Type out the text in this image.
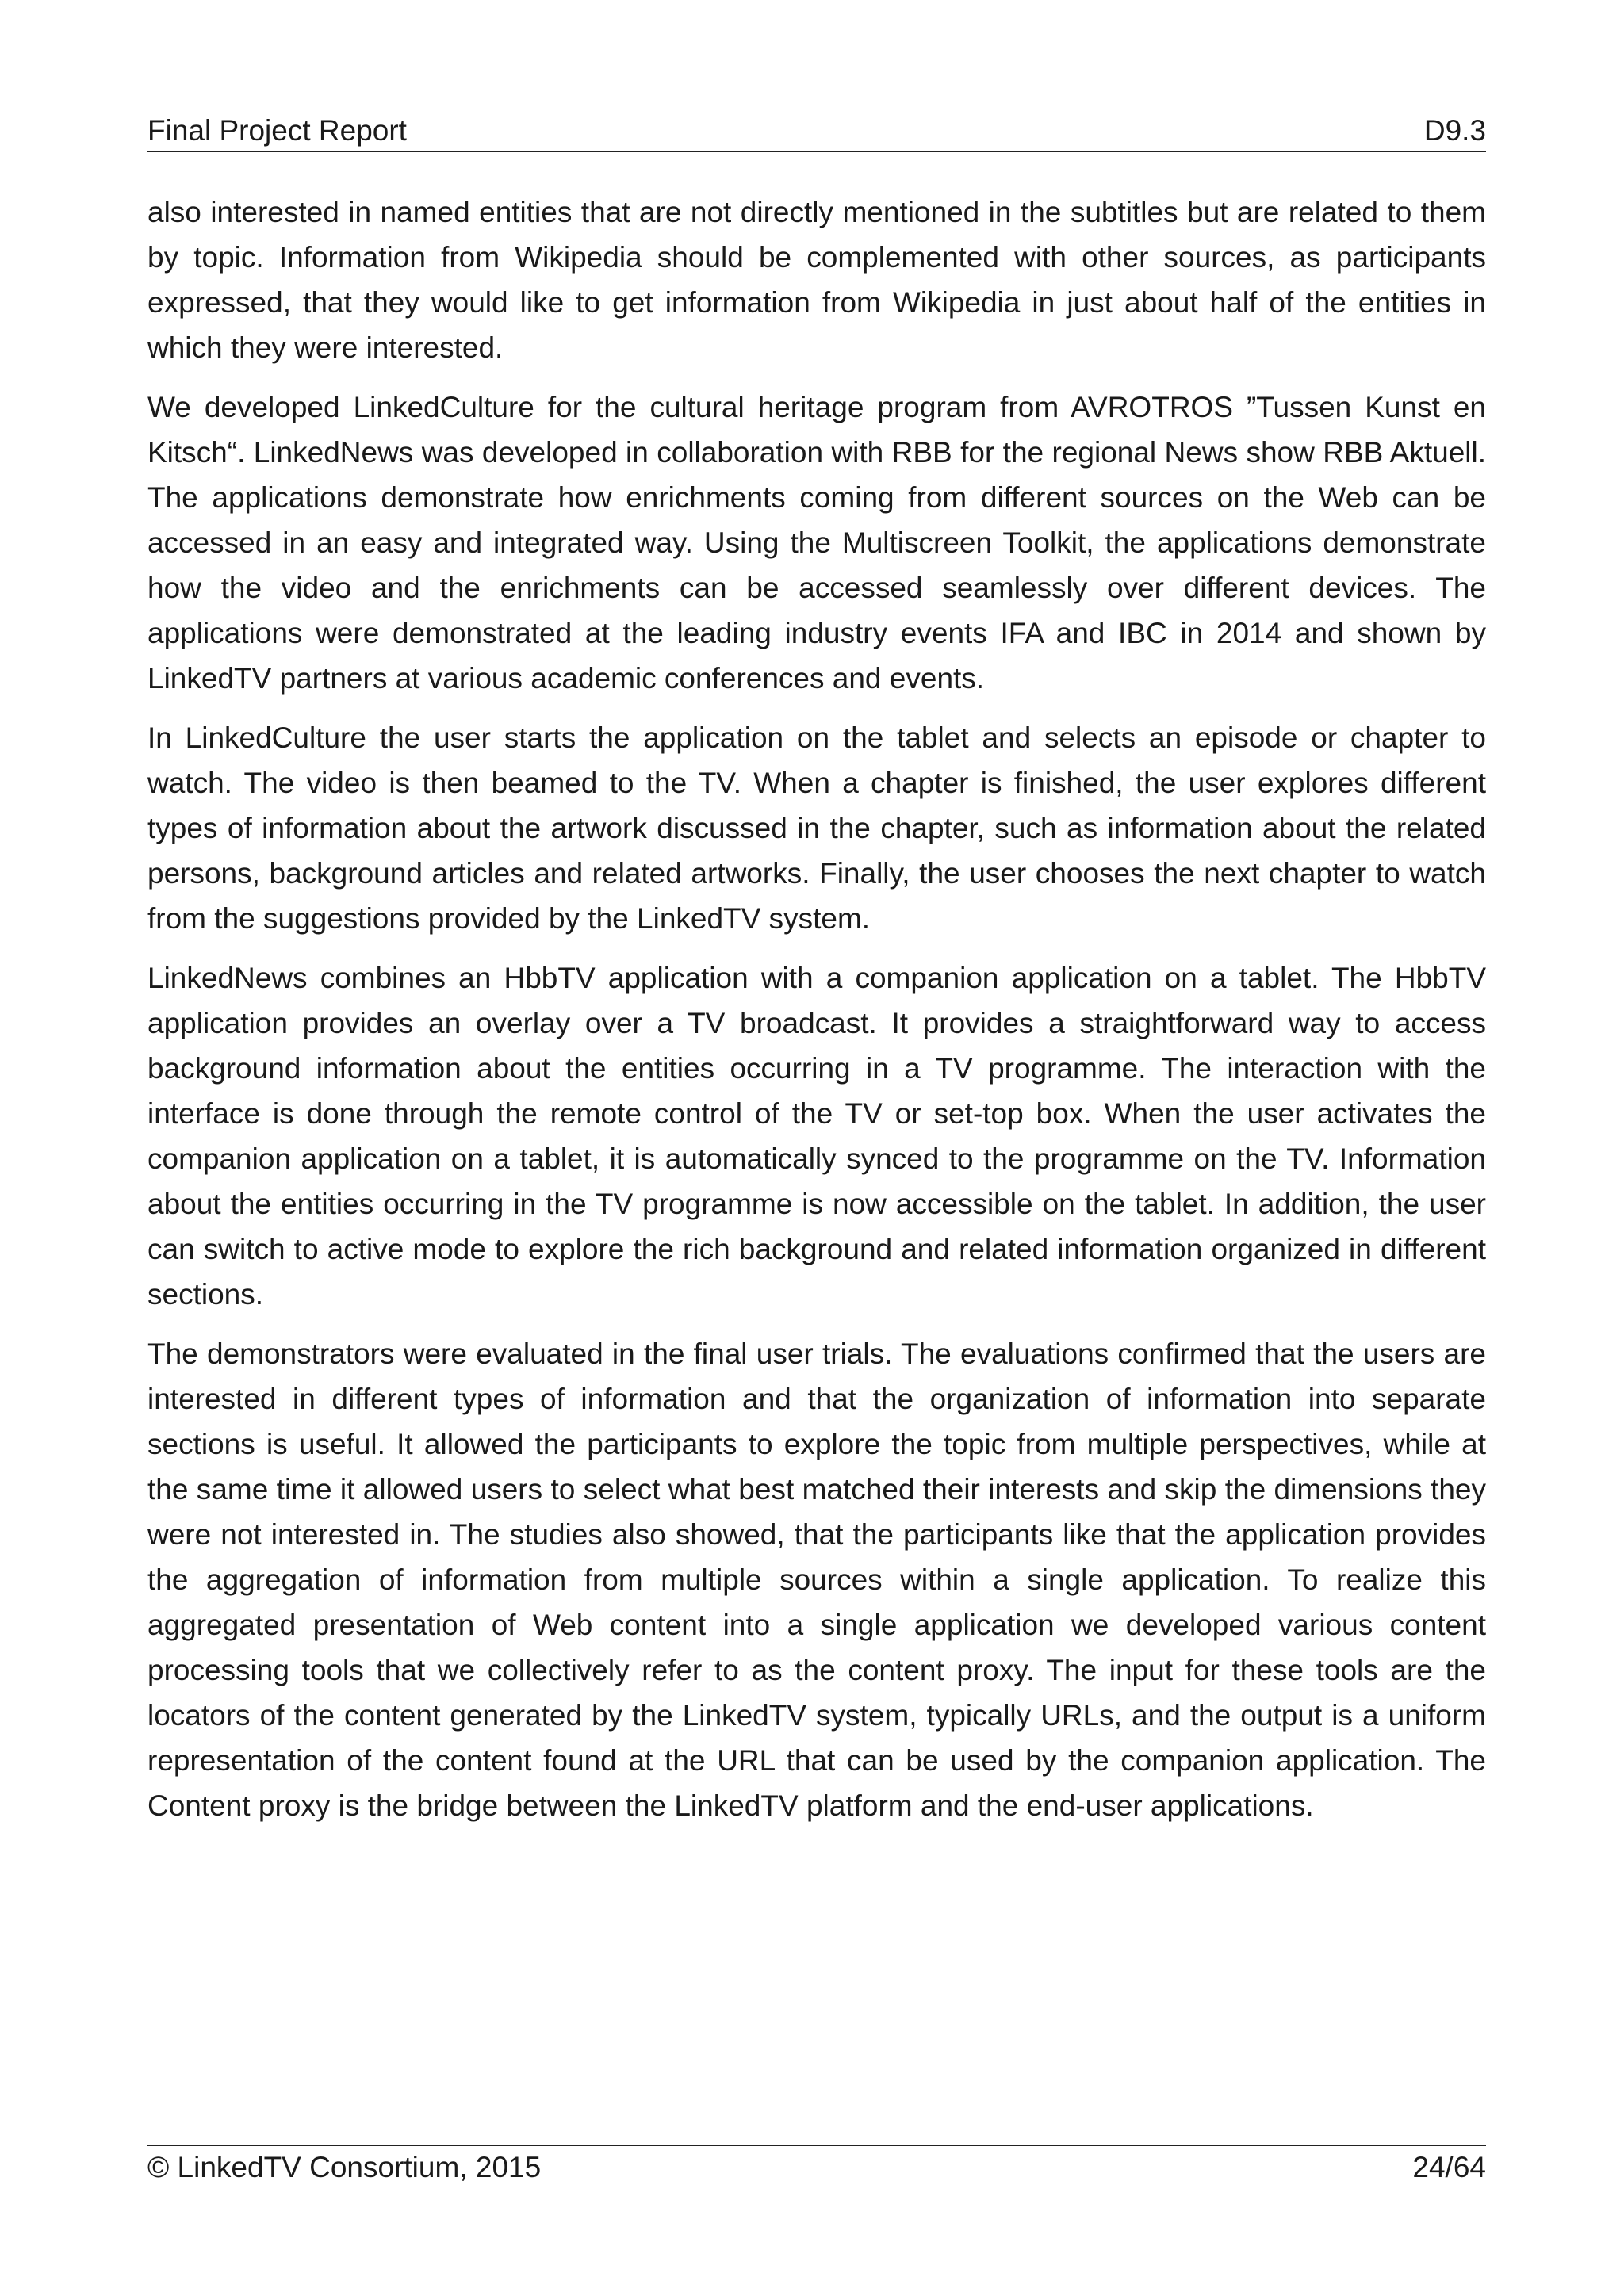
Final Project Report	D9.3

also interested in named entities that are not directly mentioned in the subtitles but are related to them by topic. Information from Wikipedia should be complemented with other sources, as participants expressed, that they would like to get information from Wikipedia in just about half of the entities in which they were interested.

We developed LinkedCulture for the cultural heritage program from AVROTROS ”Tussen Kunst en Kitsch“. LinkedNews was developed in collaboration with RBB for the regional News show RBB Aktuell. The applications demonstrate how enrichments coming from different sources on the Web can be accessed in an easy and integrated way. Using the Multiscreen Toolkit, the applications demonstrate how the video and the enrichments can be accessed seamlessly over different devices. The applications were demonstrated at the leading industry events IFA and IBC in 2014 and shown by LinkedTV partners at various academic conferences and events.

In LinkedCulture the user starts the application on the tablet and selects an episode or chapter to watch. The video is then beamed to the TV. When a chapter is finished, the user explores different types of information about the artwork discussed in the chapter, such as information about the related persons, background articles and related artworks. Finally, the user chooses the next chapter to watch from the suggestions provided by the LinkedTV system.

LinkedNews combines an HbbTV application with a companion application on a tablet. The HbbTV application provides an overlay over a TV broadcast. It provides a straightforward way to access background information about the entities occurring in a TV programme. The interaction with the interface is done through the remote control of the TV or set-top box. When the user activates the companion application on a tablet, it is automatically synced to the programme on the TV. Information about the entities occurring in the TV programme is now accessible on the tablet. In addition, the user can switch to active mode to explore the rich background and related information organized in different sections.

The demonstrators were evaluated in the final user trials. The evaluations confirmed that the users are interested in different types of information and that the organization of information into separate sections is useful. It allowed the participants to explore the topic from multiple perspectives, while at the same time it allowed users to select what best matched their interests and skip the dimensions they were not interested in. The studies also showed, that the participants like that the application provides the aggregation of information from multiple sources within a single application. To realize this aggregated presentation of Web content into a single application we developed various content processing tools that we collectively refer to as the content proxy. The input for these tools are the locators of the content generated by the LinkedTV system, typically URLs, and the output is a uniform representation of the content found at the URL that can be used by the companion application. The Content proxy is the bridge between the LinkedTV platform and the end-user applications.

© LinkedTV Consortium, 2015	24/64
